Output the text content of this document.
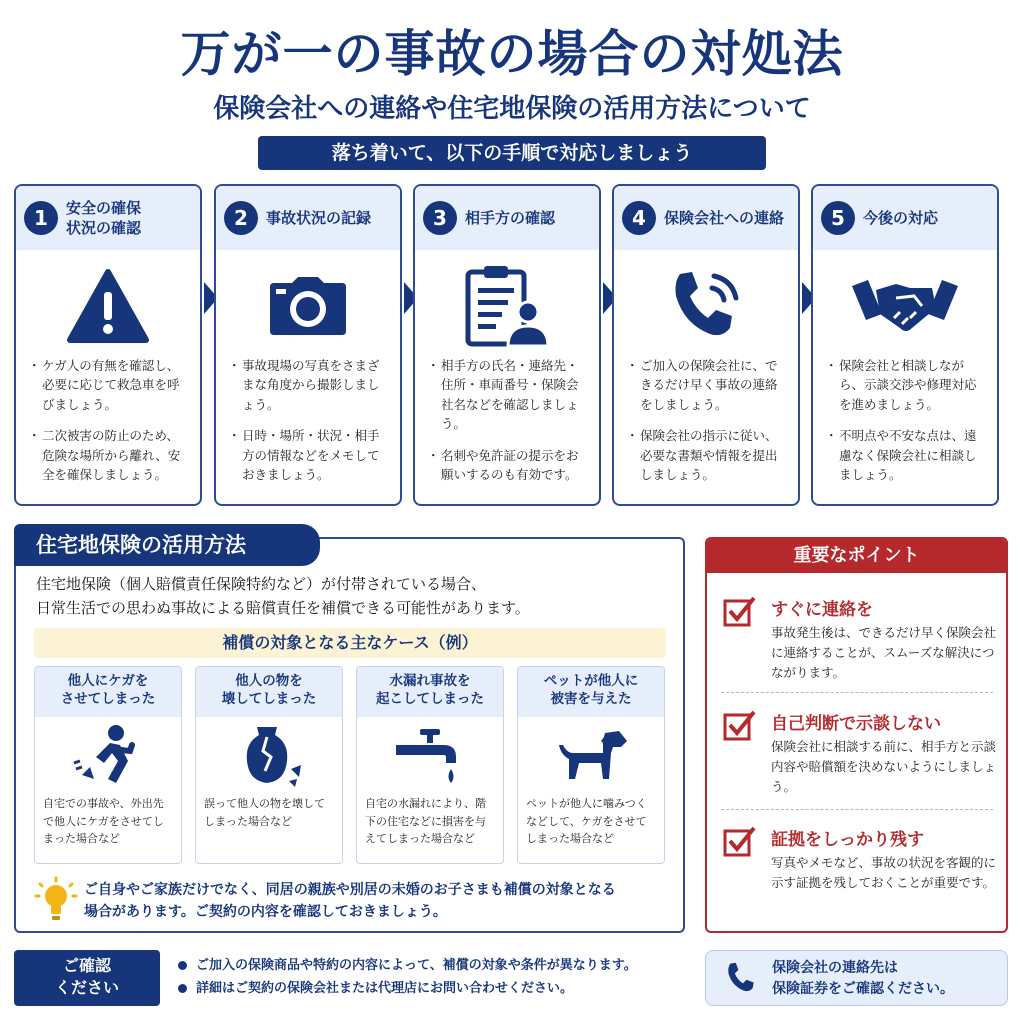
万が一の事故の場合の対処法
保険会社への連絡や住宅地保険の活用方法について
落ち着いて、以下の手順で対応しましょう
1	安全の確保
状況の確認

・ ケガ人の有無を確認し、必要に応じて救急車を呼びましょう。

・ 二次被害の防止のため、危険な場所から離れ、安全を確保しましょう。

2	事故状況の記録

・ 事故現場の写真をさまざまな角度から撮影しましょう。

・ 日時・場所・状況・相手方の情報などをメモしておきましょう。

3	相手方の確認

・ 相手方の氏名・連絡先・住所・車両番号・保険会社名などを確認しましょう。

・ 名刺や免許証の提示をお願いするのも有効です。

4	保険会社への連絡

・ ご加入の保険会社に、できるだけ早く事故の連絡をしましょう。

・ 保険会社の指示に従い、必要な書類や情報を提出しましょう。

5	今後の対応

・ 保険会社と相談しながら、示談交渉や修理対応を進めましょう。

・ 不明点や不安な点は、遠慮なく保険会社に相談しましょう。

住宅地保険の活用方法
住宅地保険（個人賠償責任保険特約など）が付帯されている場合、
日常生活での思わぬ事故による賠償責任を補償できる可能性があります。
補償の対象となる主なケース（例）
他人にケガを
させてしまった
自宅での事故や、外出先で他人にケガをさせてしまった場合など
他人の物を
壊してしまった
誤って他人の物を壊してしまった場合など
水漏れ事故を
起こしてしまった
自宅の水漏れにより、階下の住宅などに損害を与えてしまった場合など
ペットが他人に
被害を与えた
ペットが他人に噛みつくなどして、ケガをさせてしまった場合など
ご自身やご家族だけでなく、同居の親族や別居の未婚のお子さまも補償の対象となる
場合があります。ご契約の内容を確認しておきましょう。
重要なポイント
すぐに連絡を
事故発生後は、できるだけ早く保険会社に連絡することが、スムーズな解決につながります。
自己判断で示談しない
保険会社に相談する前に、相手方と示談内容や賠償額を決めないようにしましょう。
証拠をしっかり残す
写真やメモなど、事故の状況を客観的に示す証拠を残しておくことが重要です。
ご確認
ください

ご加入の保険商品や特約の内容によって、補償の対象や条件が異なります。

詳細はご契約の保険会社または代理店にお問い合わせください。

保険会社の連絡先は
保険証券をご確認ください。
